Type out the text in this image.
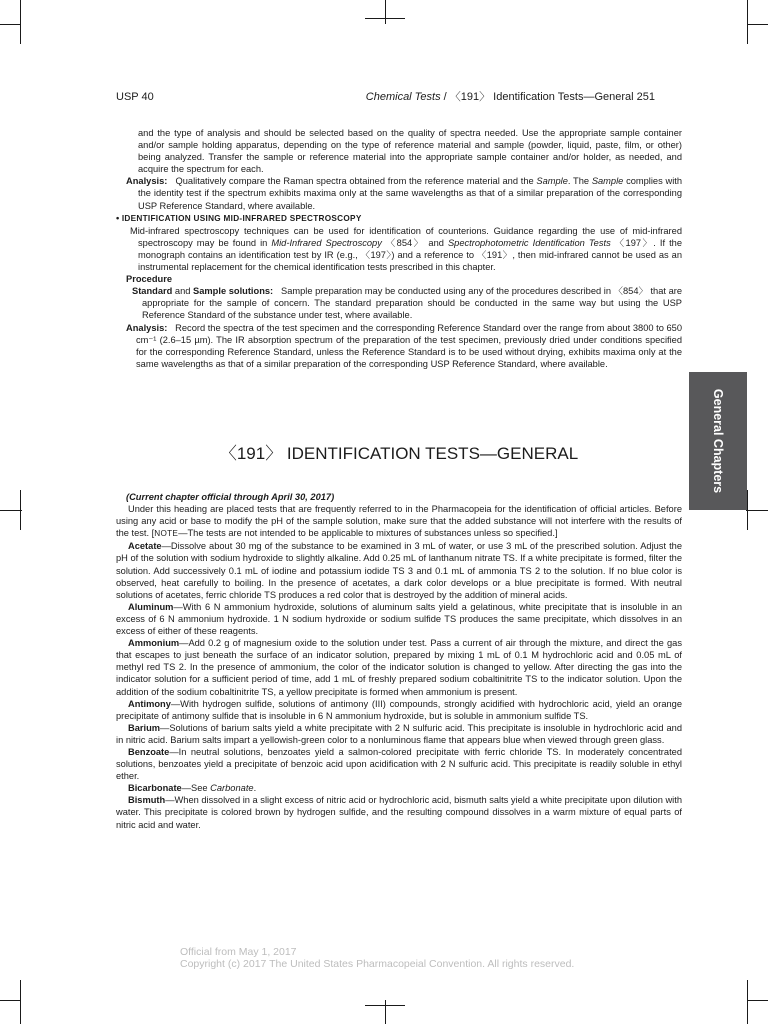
USP 40	Chemical Tests / 〈191〉 Identification Tests—General 251

and the type of analysis and should be selected based on the quality of spectra needed. Use the appropriate sample container and/or sample holding apparatus, depending on the type of reference material and sample (powder, liquid, paste, film, or other) being analyzed. Transfer the sample or reference material into the appropriate sample container and/or holder, as needed, and acquire the spectrum for each.

Analysis: Qualitatively compare the Raman spectra obtained from the reference material and the Sample. The Sample complies with the identity test if the spectrum exhibits maxima only at the same wavelengths as that of a similar preparation of the corresponding USP Reference Standard, where available.

• IDENTIFICATION USING MID-INFRARED SPECTROSCOPY

Mid-infrared spectroscopy techniques can be used for identification of counterions. Guidance regarding the use of mid-infrared spectroscopy may be found in Mid-Infrared Spectroscopy 〈854〉 and Spectrophotometric Identification Tests 〈197〉. If the monograph contains an identification test by IR (e.g., 〈197〉) and a reference to 〈191〉, then mid-infrared cannot be used as an instrumental replacement for the chemical identification tests prescribed in this chapter.

Procedure

Standard and Sample solutions: Sample preparation may be conducted using any of the procedures described in 〈854〉 that are appropriate for the sample of concern. The standard preparation should be conducted in the same way but using the USP Reference Standard of the substance under test, where available.

Analysis: Record the spectra of the test specimen and the corresponding Reference Standard over the range from about 3800 to 650 cm⁻¹ (2.6–15 µm). The IR absorption spectrum of the preparation of the test specimen, previously dried under conditions specified for the corresponding Reference Standard, unless the Reference Standard is to be used without drying, exhibits maxima only at the same wavelengths as that of a similar preparation of the corresponding USP Reference Standard, where available.

〈191〉 IDENTIFICATION TESTS—GENERAL

(Current chapter official through April 30, 2017)

Under this heading are placed tests that are frequently referred to in the Pharmacopeia for the identification of official articles. Before using any acid or base to modify the pH of the sample solution, make sure that the added substance will not interfere with the results of the test. [NOTE—The tests are not intended to be applicable to mixtures of substances unless so specified.]

Acetate—Dissolve about 30 mg of the substance to be examined in 3 mL of water, or use 3 mL of the prescribed solution. Adjust the pH of the solution with sodium hydroxide to slightly alkaline. Add 0.25 mL of lanthanum nitrate TS. If a white precipitate is formed, filter the solution. Add successively 0.1 mL of iodine and potassium iodide TS 3 and 0.1 mL of ammonia TS 2 to the solution. If no blue color is observed, heat carefully to boiling. In the presence of acetates, a dark color develops or a blue precipitate is formed. With neutral solutions of acetates, ferric chloride TS produces a red color that is destroyed by the addition of mineral acids.

Aluminum—With 6 N ammonium hydroxide, solutions of aluminum salts yield a gelatinous, white precipitate that is insoluble in an excess of 6 N ammonium hydroxide. 1 N sodium hydroxide or sodium sulfide TS produces the same precipitate, which dissolves in an excess of either of these reagents.

Ammonium—Add 0.2 g of magnesium oxide to the solution under test. Pass a current of air through the mixture, and direct the gas that escapes to just beneath the surface of an indicator solution, prepared by mixing 1 mL of 0.1 M hydrochloric acid and 0.05 mL of methyl red TS 2. In the presence of ammonium, the color of the indicator solution is changed to yellow. After directing the gas into the indicator solution for a sufficient period of time, add 1 mL of freshly prepared sodium cobaltinitrite TS to the indicator solution. Upon the addition of the sodium cobaltinitrite TS, a yellow precipitate is formed when ammonium is present.

Antimony—With hydrogen sulfide, solutions of antimony (III) compounds, strongly acidified with hydrochloric acid, yield an orange precipitate of antimony sulfide that is insoluble in 6 N ammonium hydroxide, but is soluble in ammonium sulfide TS.

Barium—Solutions of barium salts yield a white precipitate with 2 N sulfuric acid. This precipitate is insoluble in hydrochloric acid and in nitric acid. Barium salts impart a yellowish-green color to a nonluminous flame that appears blue when viewed through green glass.

Benzoate—In neutral solutions, benzoates yield a salmon-colored precipitate with ferric chloride TS. In moderately concentrated solutions, benzoates yield a precipitate of benzoic acid upon acidification with 2 N sulfuric acid. This precipitate is readily soluble in ethyl ether.

Bicarbonate—See Carbonate.

Bismuth—When dissolved in a slight excess of nitric acid or hydrochloric acid, bismuth salts yield a white precipitate upon dilution with water. This precipitate is colored brown by hydrogen sulfide, and the resulting compound dissolves in a warm mixture of equal parts of nitric acid and water.

General Chapters
Official from May 1, 2017
Copyright (c) 2017 The United States Pharmacopeial Convention. All rights reserved.
